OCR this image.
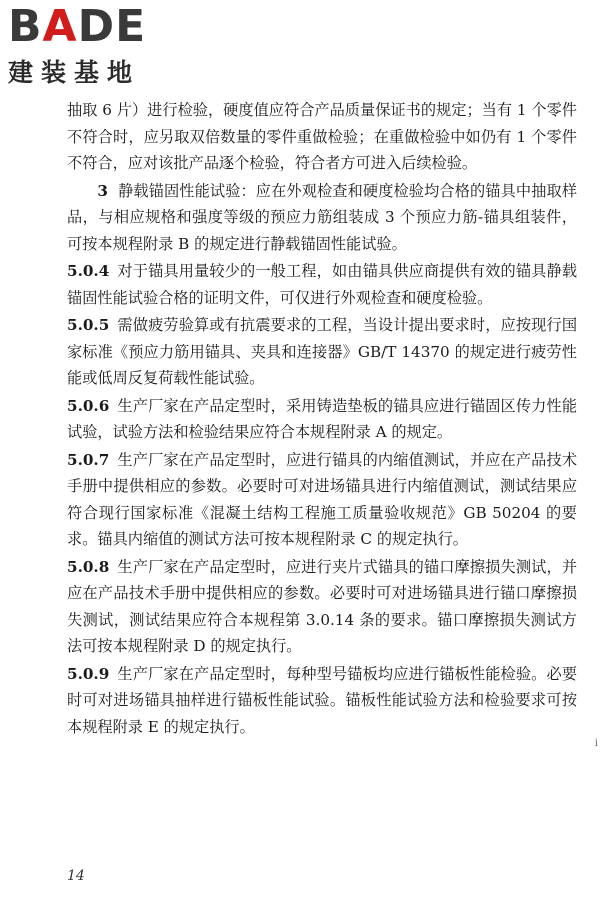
BADE
建装基地

抽取 6 片）进行检验，硬度值应符合产品质量保证书的规定；当有 1 个零件不符合时，应另取双倍数量的零件重做检验；在重做检验中如仍有 1 个零件不符合，应对该批产品逐个检验，符合者方可进入后续检验。

3 静载锚固性能试验：应在外观检查和硬度检验均合格的锚具中抽取样品，与相应规格和强度等级的预应力筋组装成 3 个预应力筋-锚具组装件，可按本规程附录 B 的规定进行静载锚固性能试验。

5.0.4 对于锚具用量较少的一般工程，如由锚具供应商提供有效的锚具静载锚固性能试验合格的证明文件，可仅进行外观检查和硬度检验。

5.0.5 需做疲劳验算或有抗震要求的工程，当设计提出要求时，应按现行国家标准《预应力筋用锚具、夹具和连接器》GB/T 14370 的规定进行疲劳性能或低周反复荷载性能试验。

5.0.6 生产厂家在产品定型时，采用铸造垫板的锚具应进行锚固区传力性能试验，试验方法和检验结果应符合本规程附录 A 的规定。

5.0.7 生产厂家在产品定型时，应进行锚具的内缩值测试，并应在产品技术手册中提供相应的参数。必要时可对进场锚具进行内缩值测试，测试结果应符合现行国家标准《混凝土结构工程施工质量验收规范》GB 50204 的要求。锚具内缩值的测试方法可按本规程附录 C 的规定执行。

5.0.8 生产厂家在产品定型时，应进行夹片式锚具的锚口摩擦损失测试，并应在产品技术手册中提供相应的参数。必要时可对进场锚具进行锚口摩擦损失测试，测试结果应符合本规程第 3.0.14 条的要求。锚口摩擦损失测试方法可按本规程附录 D 的规定执行。

5.0.9 生产厂家在产品定型时，每种型号锚板均应进行锚板性能检验。必要时可对进场锚具抽样进行锚板性能试验。锚板性能试验方法和检验要求可按本规程附录 E 的规定执行。

i
14
